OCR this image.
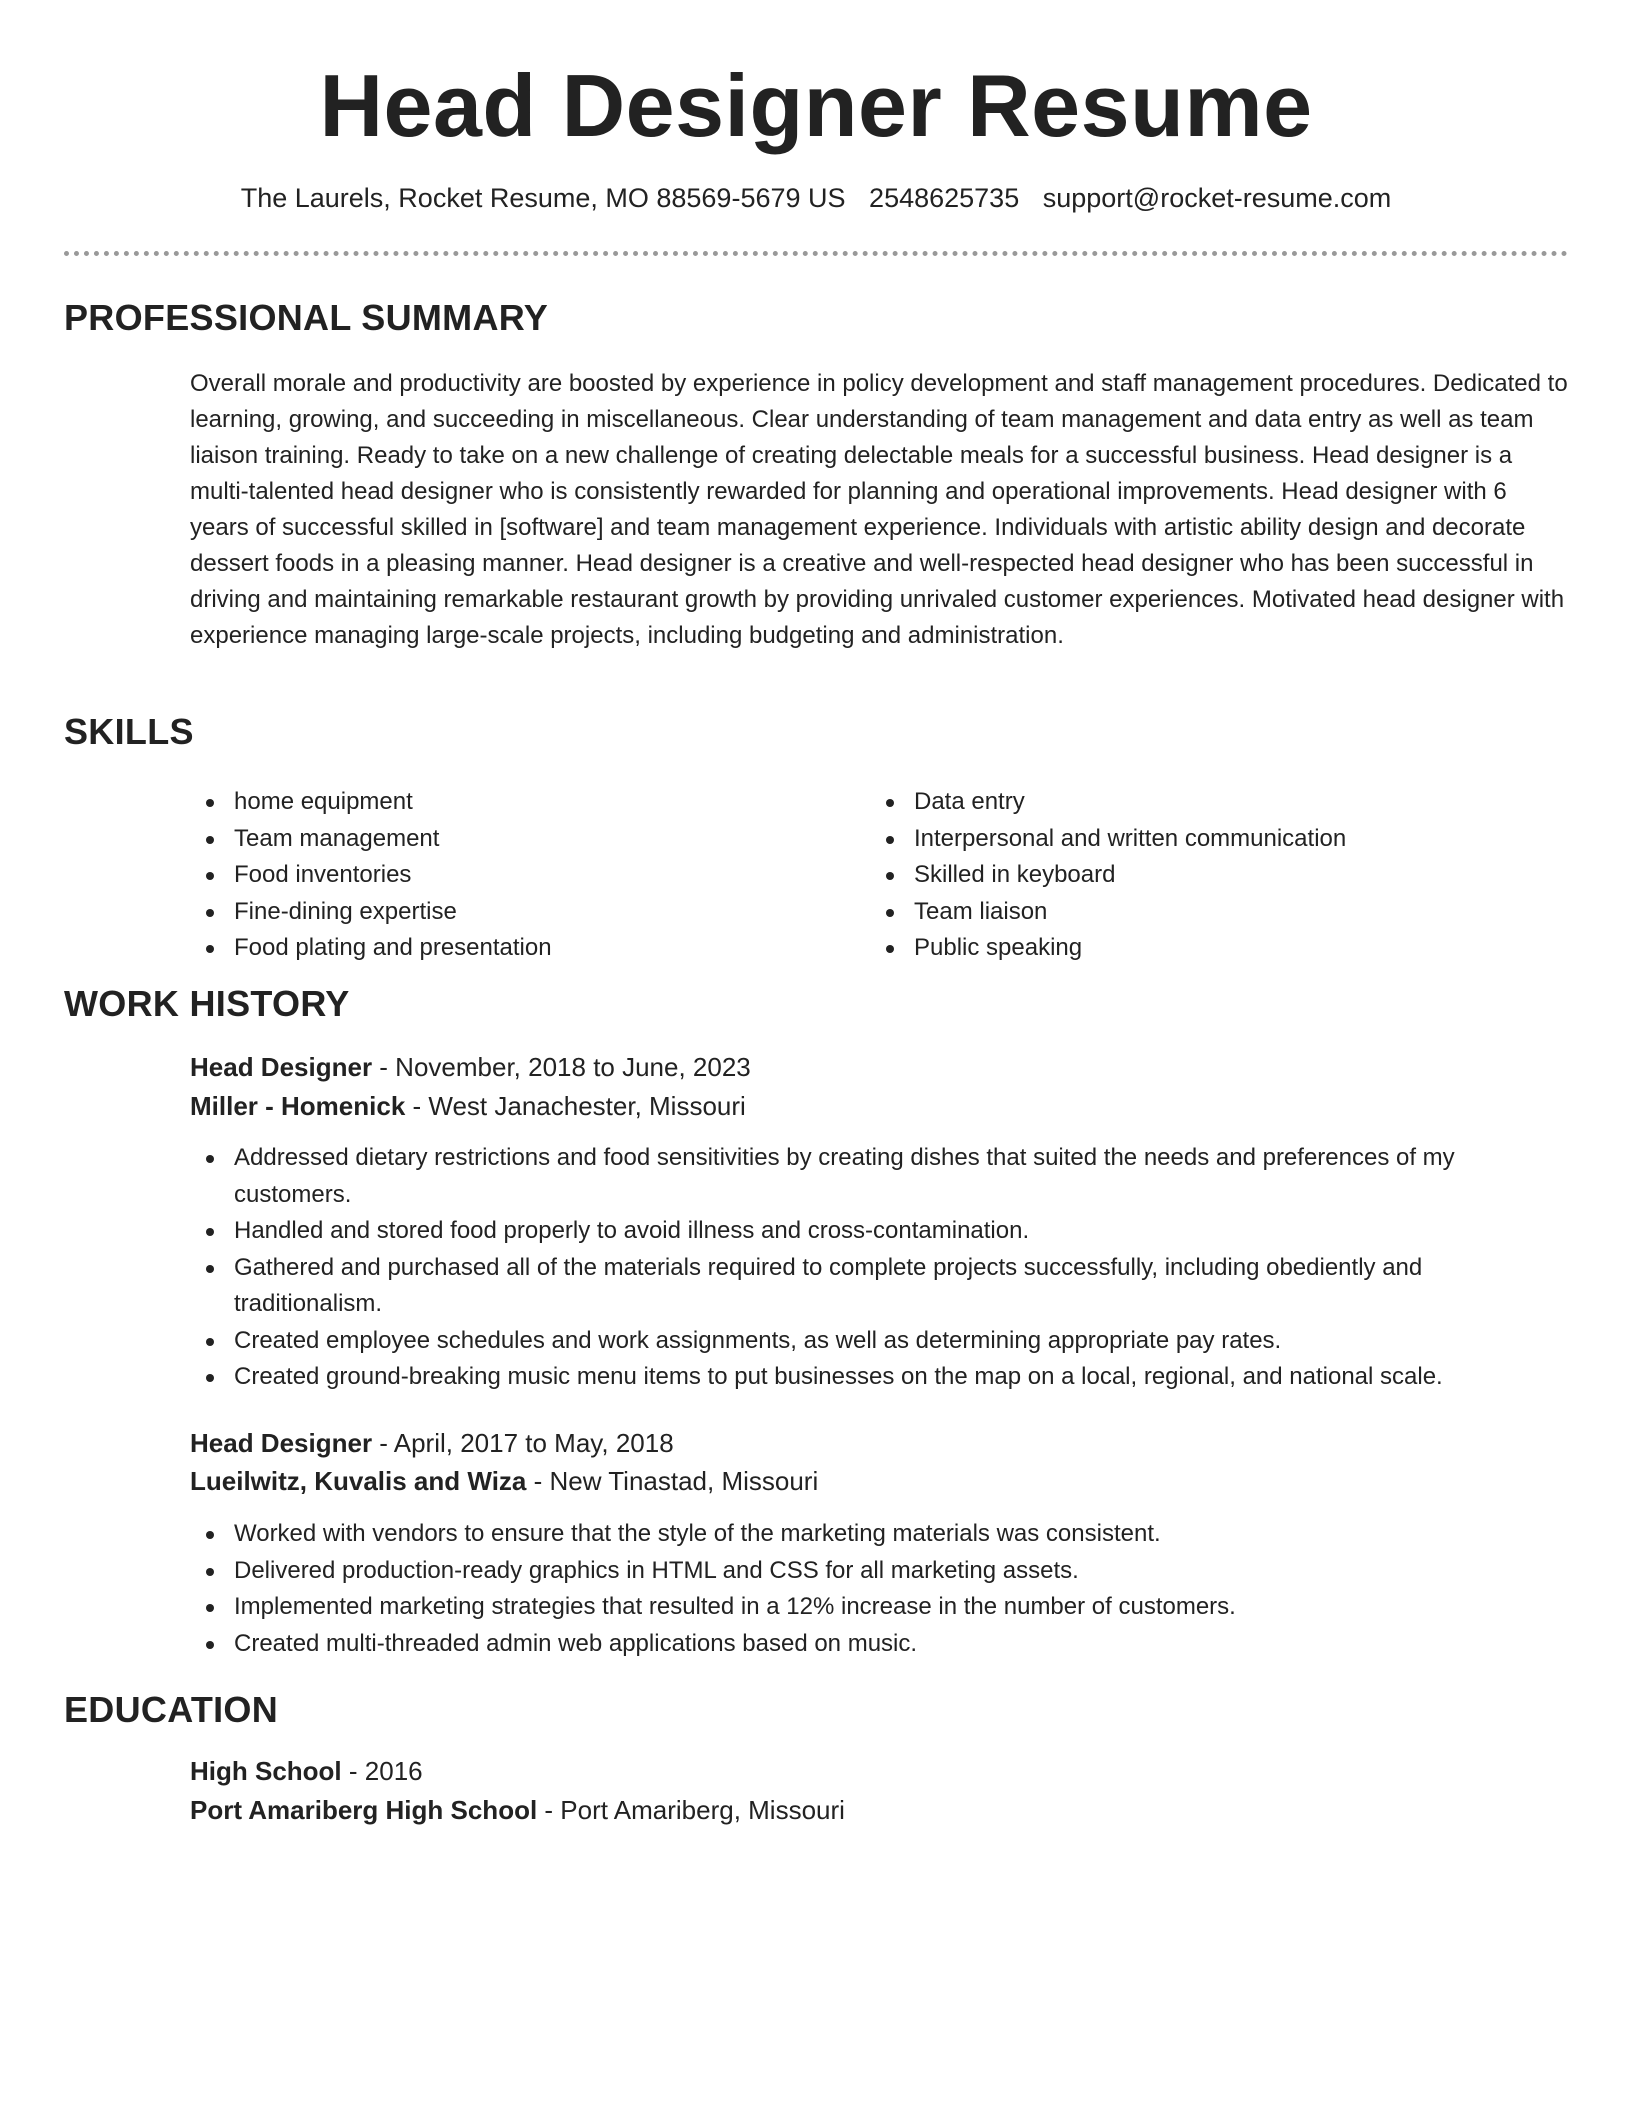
Head Designer Resume
The Laurels, Rocket Resume, MO 88569-5679 US 2548625735 support@rocket-resume.com
PROFESSIONAL SUMMARY

Overall morale and productivity are boosted by experience in policy development and staff management procedures. Dedicated to learning, growing, and succeeding in miscellaneous. Clear understanding of team management and data entry as well as team liaison training. Ready to take on a new challenge of creating delectable meals for a successful business. Head designer is a multi-talented head designer who is consistently rewarded for planning and operational improvements. Head designer with 6 years of successful skilled in [software] and team management experience. Individuals with artistic ability design and decorate dessert foods in a pleasing manner. Head designer is a creative and well-respected head designer who has been successful in driving and maintaining remarkable restaurant growth by providing unrivaled customer experiences. Motivated head designer with experience managing large-scale projects, including budgeting and administration.

SKILLS
home equipment
Team management
Food inventories
Fine-dining expertise
Food plating and presentation
Data entry
Interpersonal and written communication
Skilled in keyboard
Team liaison
Public speaking
WORK HISTORY
Head Designer - November, 2018 to June, 2023
Miller - Homenick - West Janachester, Missouri
Addressed dietary restrictions and food sensitivities by creating dishes that suited the needs and preferences of my customers.
Handled and stored food properly to avoid illness and cross-contamination.
Gathered and purchased all of the materials required to complete projects successfully, including obediently and traditionalism.
Created employee schedules and work assignments, as well as determining appropriate pay rates.
Created ground-breaking music menu items to put businesses on the map on a local, regional, and national scale.
Head Designer - April, 2017 to May, 2018
Lueilwitz, Kuvalis and Wiza - New Tinastad, Missouri
Worked with vendors to ensure that the style of the marketing materials was consistent.
Delivered production-ready graphics in HTML and CSS for all marketing assets.
Implemented marketing strategies that resulted in a 12% increase in the number of customers.
Created multi-threaded admin web applications based on music.
EDUCATION
High School - 2016
Port Amariberg High School - Port Amariberg, Missouri
